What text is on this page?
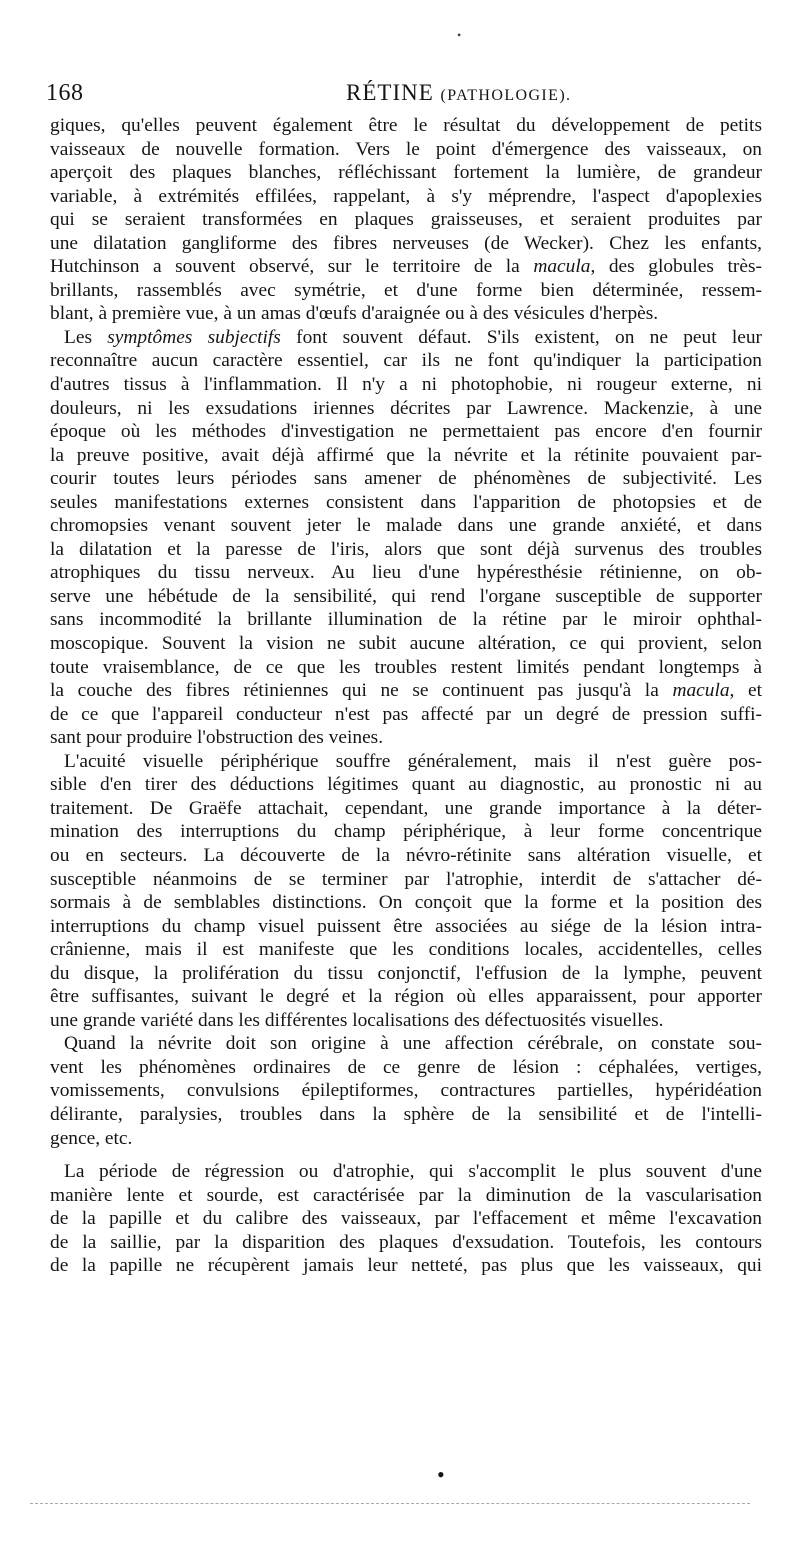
•
168	RÉTINE (PATHOLOGIE).
giques, qu'elles peuvent également être le résultat du développement de petits
vaisseaux de nouvelle formation. Vers le point d'émergence des vaisseaux, on
aperçoit des plaques blanches, réfléchissant fortement la lumière, de grandeur
variable, à extrémités effilées, rappelant, à s'y méprendre, l'aspect d'apoplexies
qui se seraient transformées en plaques graisseuses, et seraient produites par
une dilatation gangliforme des fibres nerveuses (de Wecker). Chez les enfants,
Hutchinson a souvent observé, sur le territoire de la macula, des globules très-
brillants, rassemblés avec symétrie, et d'une forme bien déterminée, ressem-
blant, à première vue, à un amas d'œufs d'araignée ou à des vésicules d'herpès.
Les symptômes subjectifs font souvent défaut. S'ils existent, on ne peut leur
reconnaître aucun caractère essentiel, car ils ne font qu'indiquer la participation
d'autres tissus à l'inflammation. Il n'y a ni photophobie, ni rougeur externe, ni
douleurs, ni les exsudations iriennes décrites par Lawrence. Mackenzie, à une
époque où les méthodes d'investigation ne permettaient pas encore d'en fournir
la preuve positive, avait déjà affirmé que la névrite et la rétinite pouvaient par-
courir toutes leurs périodes sans amener de phénomènes de subjectivité. Les
seules manifestations externes consistent dans l'apparition de photopsies et de
chromopsies venant souvent jeter le malade dans une grande anxiété, et dans
la dilatation et la paresse de l'iris, alors que sont déjà survenus des troubles
atrophiques du tissu nerveux. Au lieu d'une hypéresthésie rétinienne, on ob-
serve une hébétude de la sensibilité, qui rend l'organe susceptible de supporter
sans incommodité la brillante illumination de la rétine par le miroir ophthal-
moscopique. Souvent la vision ne subit aucune altération, ce qui provient, selon
toute vraisemblance, de ce que les troubles restent limités pendant longtemps à
la couche des fibres rétiniennes qui ne se continuent pas jusqu'à la macula, et
de ce que l'appareil conducteur n'est pas affecté par un degré de pression suffi-
sant pour produire l'obstruction des veines.
L'acuité visuelle périphérique souffre généralement, mais il n'est guère pos-
sible d'en tirer des déductions légitimes quant au diagnostic, au pronostic ni au
traitement. De Graëfe attachait, cependant, une grande importance à la déter-
mination des interruptions du champ périphérique, à leur forme concentrique
ou en secteurs. La découverte de la névro-rétinite sans altération visuelle, et
susceptible néanmoins de se terminer par l'atrophie, interdit de s'attacher dé-
sormais à de semblables distinctions. On conçoit que la forme et la position des
interruptions du champ visuel puissent être associées au siége de la lésion intra-
crânienne, mais il est manifeste que les conditions locales, accidentelles, celles
du disque, la prolifération du tissu conjonctif, l'effusion de la lymphe, peuvent
être suffisantes, suivant le degré et la région où elles apparaissent, pour apporter
une grande variété dans les différentes localisations des défectuosités visuelles.
Quand la névrite doit son origine à une affection cérébrale, on constate sou-
vent les phénomènes ordinaires de ce genre de lésion : céphalées, vertiges,
vomissements, convulsions épileptiformes, contractures partielles, hypéridéation
délirante, paralysies, troubles dans la sphère de la sensibilité et de l'intelli-
gence, etc.
La période de régression ou d'atrophie, qui s'accomplit le plus souvent d'une
manière lente et sourde, est caractérisée par la diminution de la vascularisation
de la papille et du calibre des vaisseaux, par l'effacement et même l'excavation
de la saillie, par la disparition des plaques d'exsudation. Toutefois, les contours
de la papille ne récupèrent jamais leur netteté, pas plus que les vaisseaux, qui
•
